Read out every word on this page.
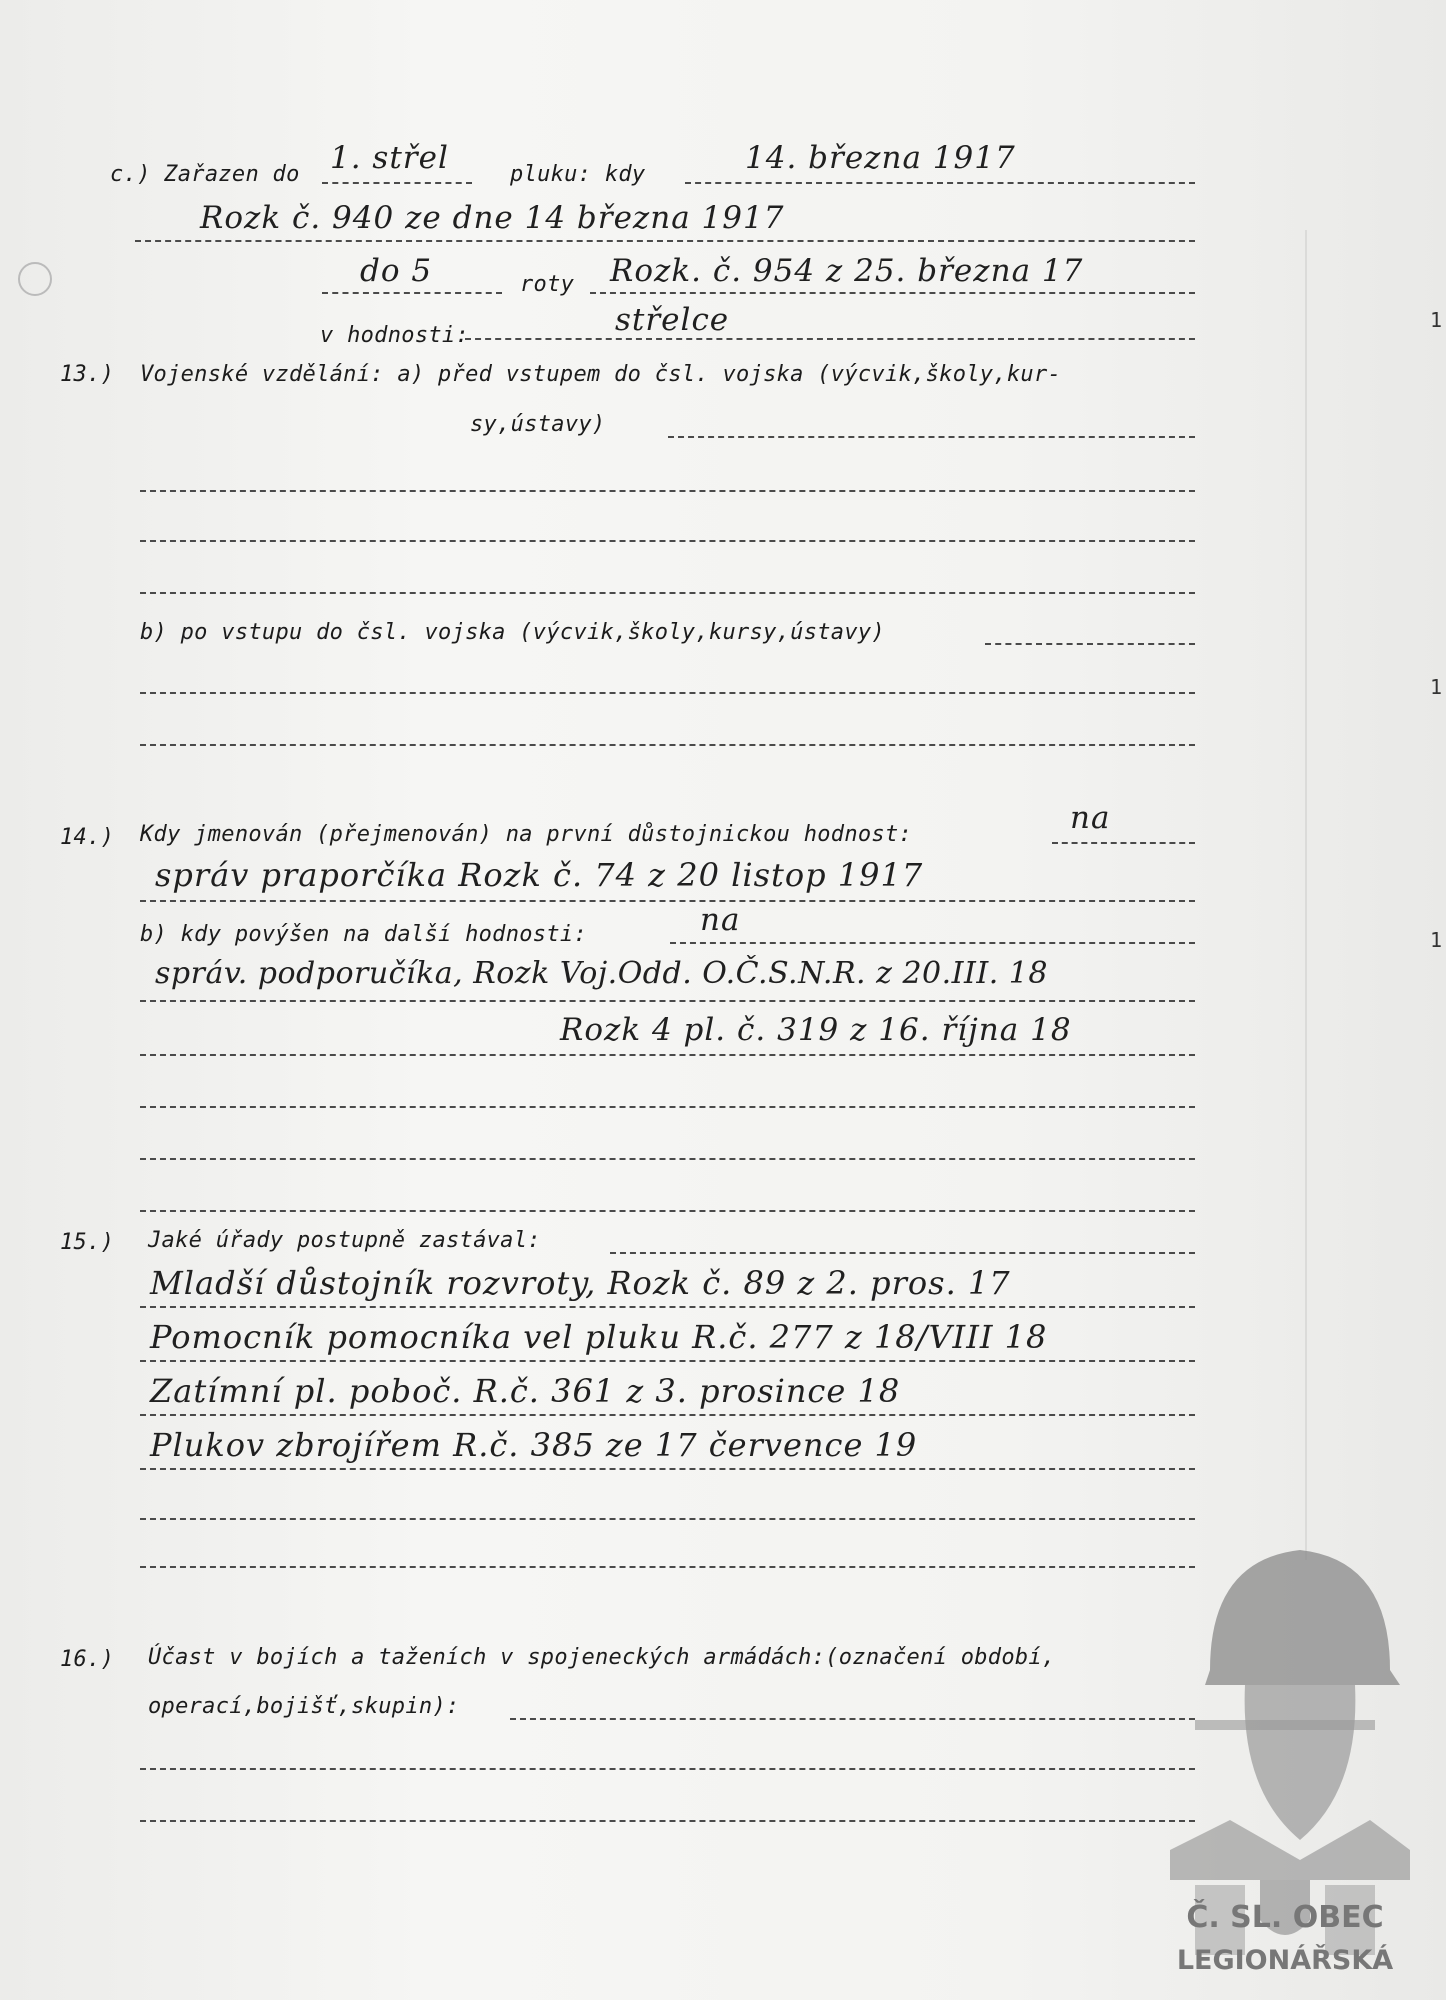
c.) Zařazen do 1. střel	pluku: kdy	14. března 1917
Rozk č. 940 ze dne 14 března 1917
do 5	roty Rozk. č. 954 z 25. března 17
v hodnosti:	střelce
13.) Vojenské vzdělání: a) před vstupem do čsl. vojska (výcvik,školy,kur-
sy,ústavy)
b) po vstupu do čsl. vojska (výcvik,školy,kursy,ústavy)
14.) Kdy jmenován (přejmenován) na první důstojnickou hodnost:	na
správ praporčíka Rozk č. 74 z 20 listop 1917
b) kdy povýšen na další hodnosti:	na
správ. podporučíka, Rozk Voj.Odd. O.Č.S.N.R. z 20.III. 18
Rozk 4 pl. č. 319 z 16. října 18
15.) Jaké úřady postupně zastával:
Mladší důstojník rozvroty, Rozk č. 89 z 2. pros. 17
Pomocník pomocníka vel pluku R.č. 277 z 18/VIII 18
Zatímní pl. poboč. R.č. 361 z 3. prosince 18
Plukov zbrojířem R.č. 385 ze 17 července 19
16.) Účast v bojích a taženích v spojeneckých armádách:(označení období,
operací,bojišť,skupin):
1
1
1
Č. SL. OBEC
LEGIONÁŘSKÁ
